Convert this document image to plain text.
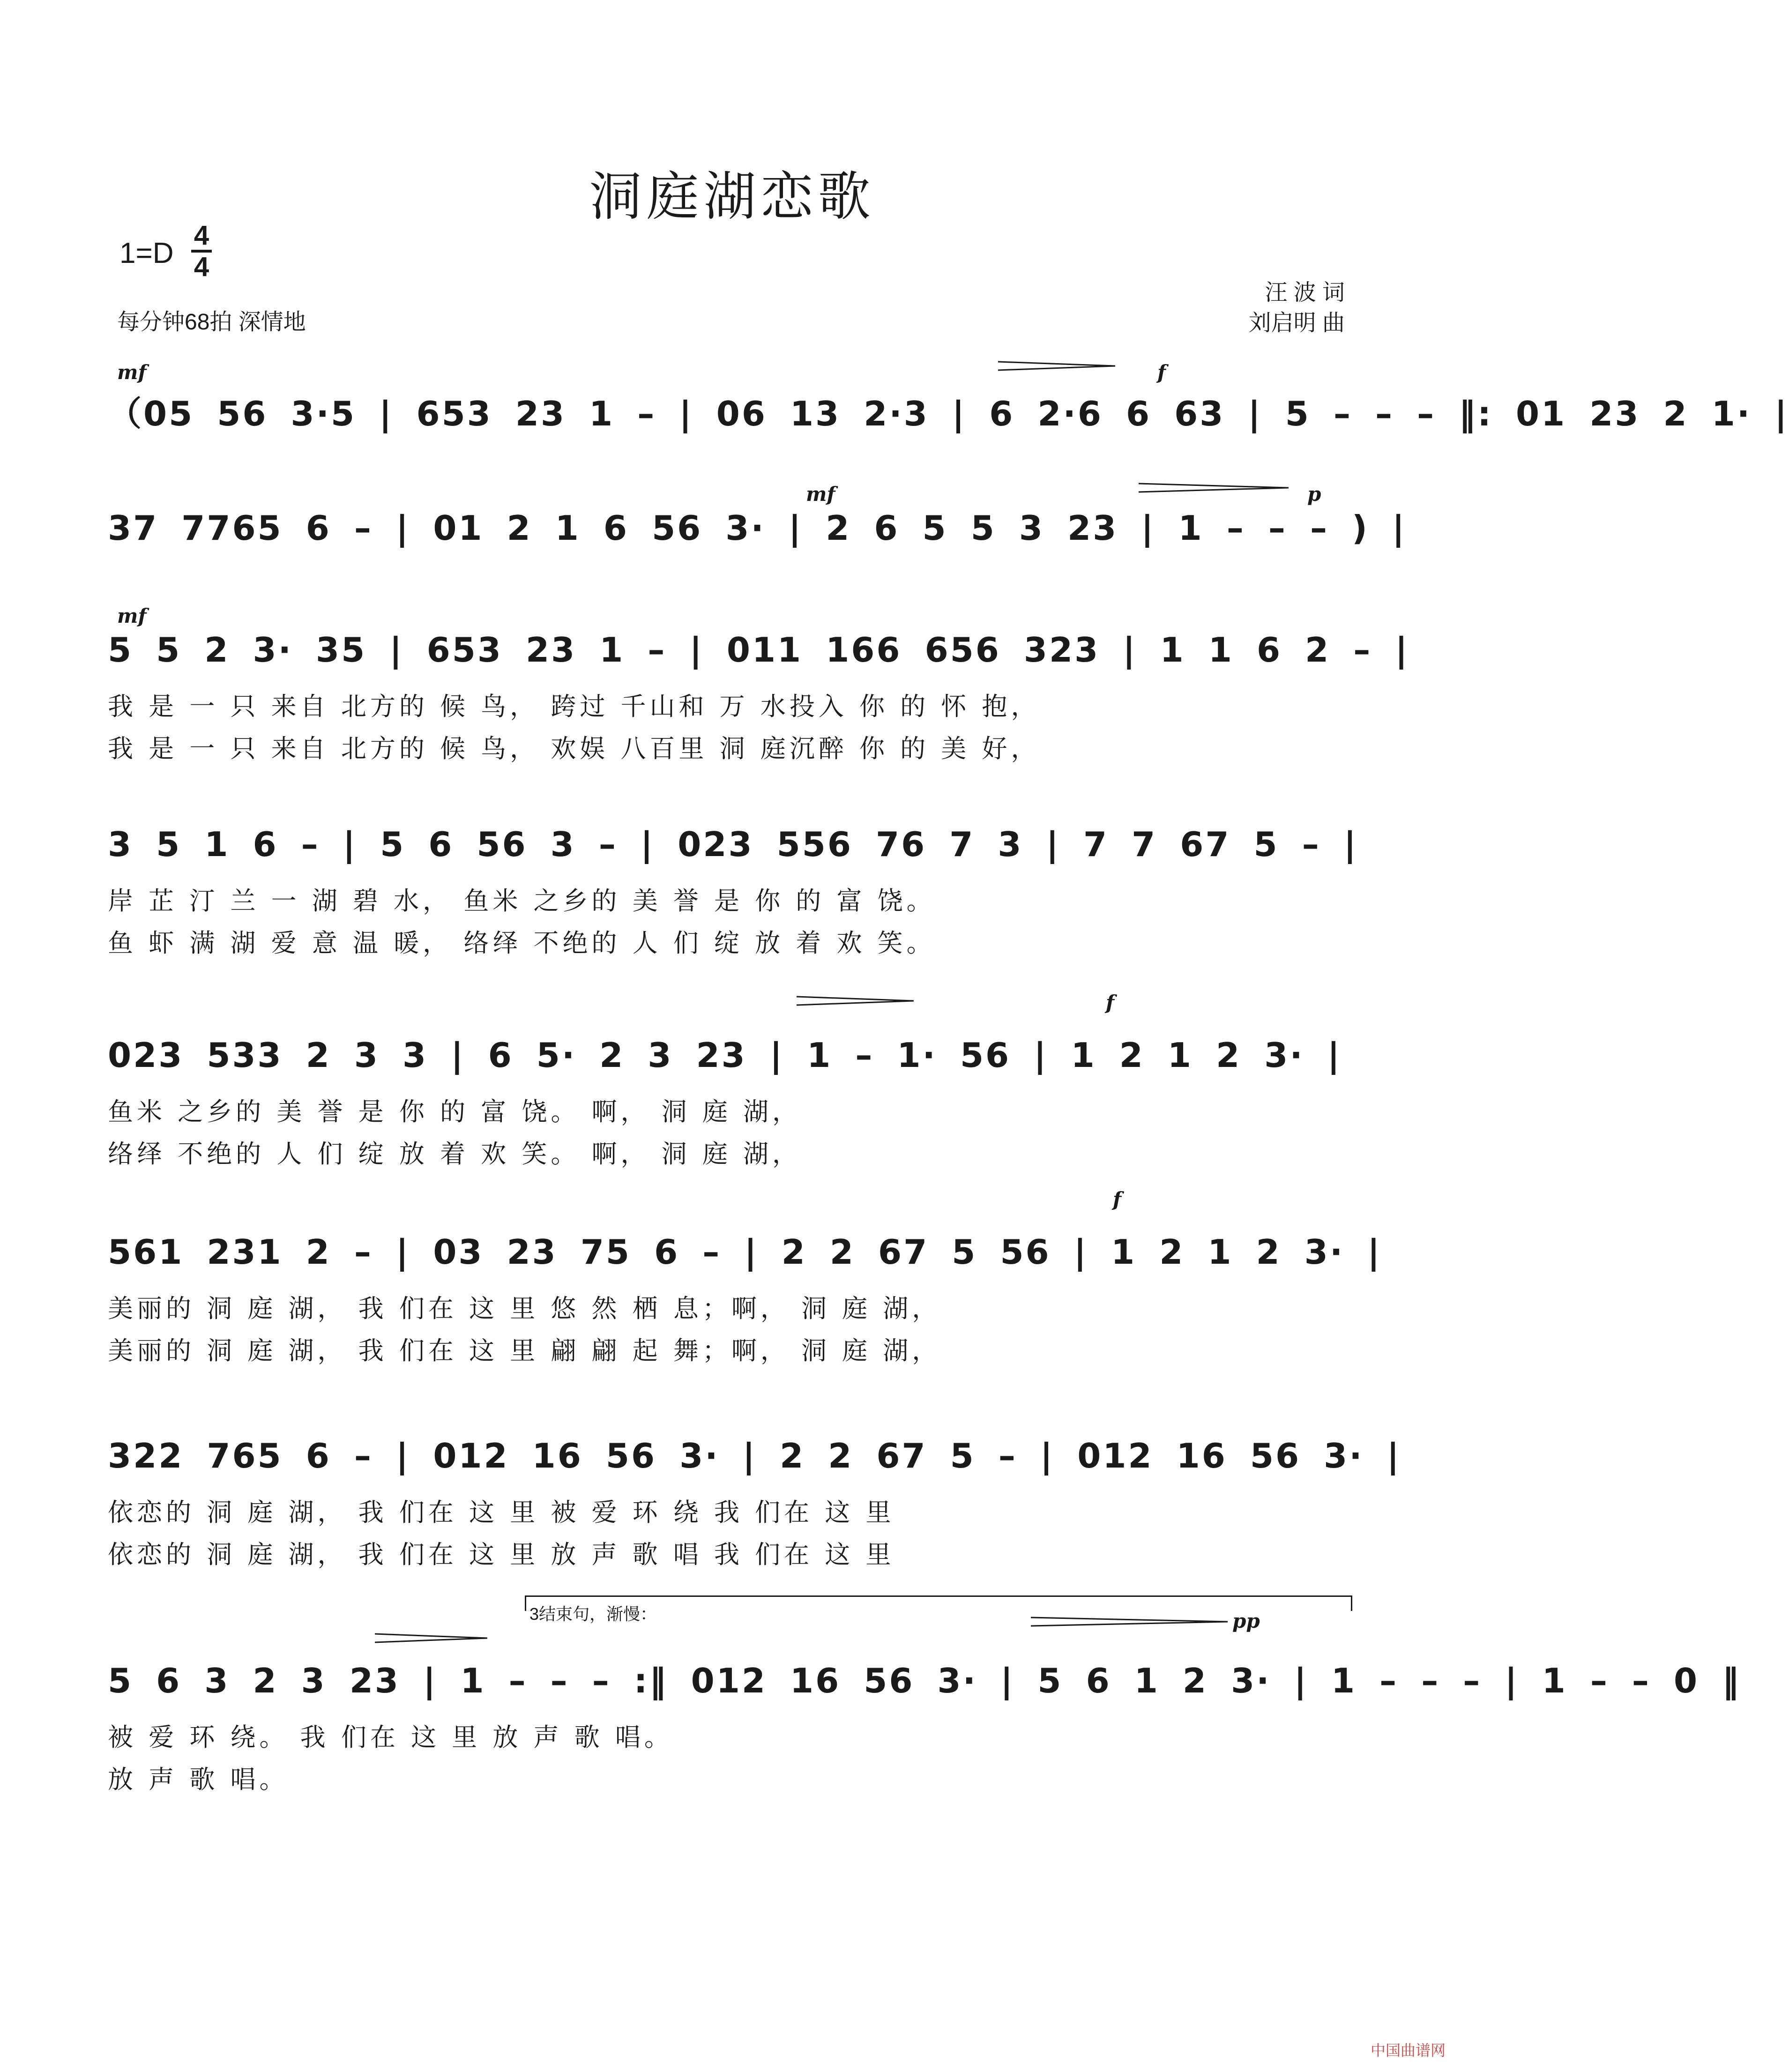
洞庭湖恋歌
1=D
4
4
每分钟68拍 深情地
汪 波 词
刘启明 曲
mf	f
（05 56 3·5 | 653 23 1 – | 06 13 2·3 | 6 2·6 6 63 | 5 – – – ‖: 01 23 2 1· |
mf	p
37 7765 6 – | 01 2 1 6 56 3· | 2 6 5 5 3 23 | 1 – – – ) |
mf
5 5 2 3· 35 | 653 23 1 – | 011 166 656 323 | 1 1 6 2 – |
我 是 一 只 来自 北方的 候 鸟， 跨过 千山和 万 水投入 你 的 怀 抱，
我 是 一 只 来自 北方的 候 鸟， 欢娱 八百里 洞 庭沉醉 你 的 美 好，
3 5 1 6 – | 5 6 56 3 – | 023 556 76 7 3 | 7 7 67 5 – |
岸 芷 汀 兰 一 湖 碧 水， 鱼米 之乡的 美 誉 是 你 的 富 饶。
鱼 虾 满 湖 爱 意 温 暖， 络绎 不绝的 人 们 绽 放 着 欢 笑。
f
023 533 2 3 3 | 6 5· 2 3 23 | 1 – 1· 56 | 1 2 1 2 3· |
鱼米 之乡的 美 誉 是 你 的 富 饶。 啊， 洞 庭 湖，
络绎 不绝的 人 们 绽 放 着 欢 笑。 啊， 洞 庭 湖，
f
561 231 2 – | 03 23 75 6 – | 2 2 67 5 56 | 1 2 1 2 3· |
美丽的 洞 庭 湖， 我 们在 这 里 悠 然 栖 息；啊， 洞 庭 湖，
美丽的 洞 庭 湖， 我 们在 这 里 翩 翩 起 舞；啊， 洞 庭 湖，
322 765 6 – | 012 16 56 3· | 2 2 67 5 – | 012 16 56 3· |
依恋的 洞 庭 湖， 我 们在 这 里 被 爱 环 绕 我 们在 这 里
依恋的 洞 庭 湖， 我 们在 这 里 放 声 歌 唱 我 们在 这 里
3结束句，渐慢：	pp
5 6 3 2 3 23 | 1 – – – :‖ 012 16 56 3· | 5 6 1 2 3· | 1 – – – | 1 – – 0 ‖
被 爱 环 绕。 我 们在 这 里 放 声 歌 唱。
放 声 歌 唱。
中国曲谱网
